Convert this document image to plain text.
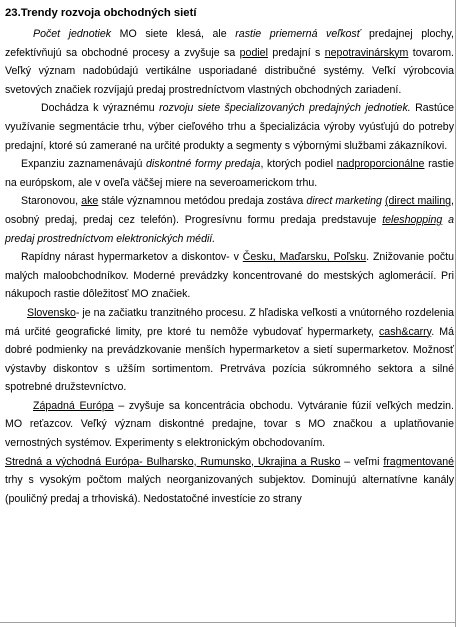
23.Trendy rozvoja obchodných sietí

Počet jednotiek MO siete klesá, ale rastie priemerná veľkosť predajnej plochy, zefektívňujú sa obchodné procesy a zvyšuje sa podiel predajní s nepotravinárskym tovarom. Veľký význam nadobúdajú vertikálne usporiadané distribučné systémy. Veľkí výrobcovia svetových značiek rozvíjajú predaj prostredníctvom vlastných obchodných zariadení.

Dochádza k výraznému rozvoju siete špecializovaných predajných jednotiek. Rastúce využívanie segmentácie trhu, výber cieľového trhu a špecializácia výroby vyúsťujú do potreby predajní, ktoré sú zamerané na určité produkty a segmenty s výbornými službami zákazníkovi.

Expanziu zaznamenávajú diskontné formy predaja, ktorých podiel nadproporcionálne rastie na európskom, ale v oveľa väčšej miere na severoamerickom trhu.

Staronovou, ake stále významnou metódou predaja zostáva direct marketing (direct mailing, osobný predaj, predaj cez telefón). Progresívnu formu predaja predstavuje teleshopping a predaj prostredníctvom elektronických médií.

Rapídny nárast hypermarketov a diskontov- v Česku, Maďarsku, Poľsku. Znižovanie počtu malých maloobchodníkov. Moderné prevádzky koncentrované do mestských aglomerácií. Pri nákupoch rastie dôležitosť MO značiek.

Slovensko- je na začiatku tranzitného procesu. Z hľadiska veľkosti a vnútorného rozdelenia má určité geografické limity, pre ktoré tu nemôže vybudovať hypermarkety, cash&carry. Má dobré podmienky na prevádzkovanie menších hypermarketov a sietí supermarketov. Možnosť výstavby diskontov s užším sortimentom. Pretrváva pozícia súkromného sektora a silné spotrebné družstevníctvo.

Západná Európa – zvyšuje sa koncentrácia obchodu. Vytváranie fúzií veľkých medzin. MO reťazcov. Veľký význam diskontné predajne, tovar s MO značkou a uplatňovanie vernostných systémov. Experimenty s elektronickým obchodovaním.

Stredná a východná Európa- Bulharsko, Rumunsko, Ukrajina a Rusko – veľmi fragmentované trhy s vysokým počtom malých neorganizovaných subjektov. Dominujú alternatívne kanály (pouličný predaj a trhoviská). Nedostatočné investície zo strany
